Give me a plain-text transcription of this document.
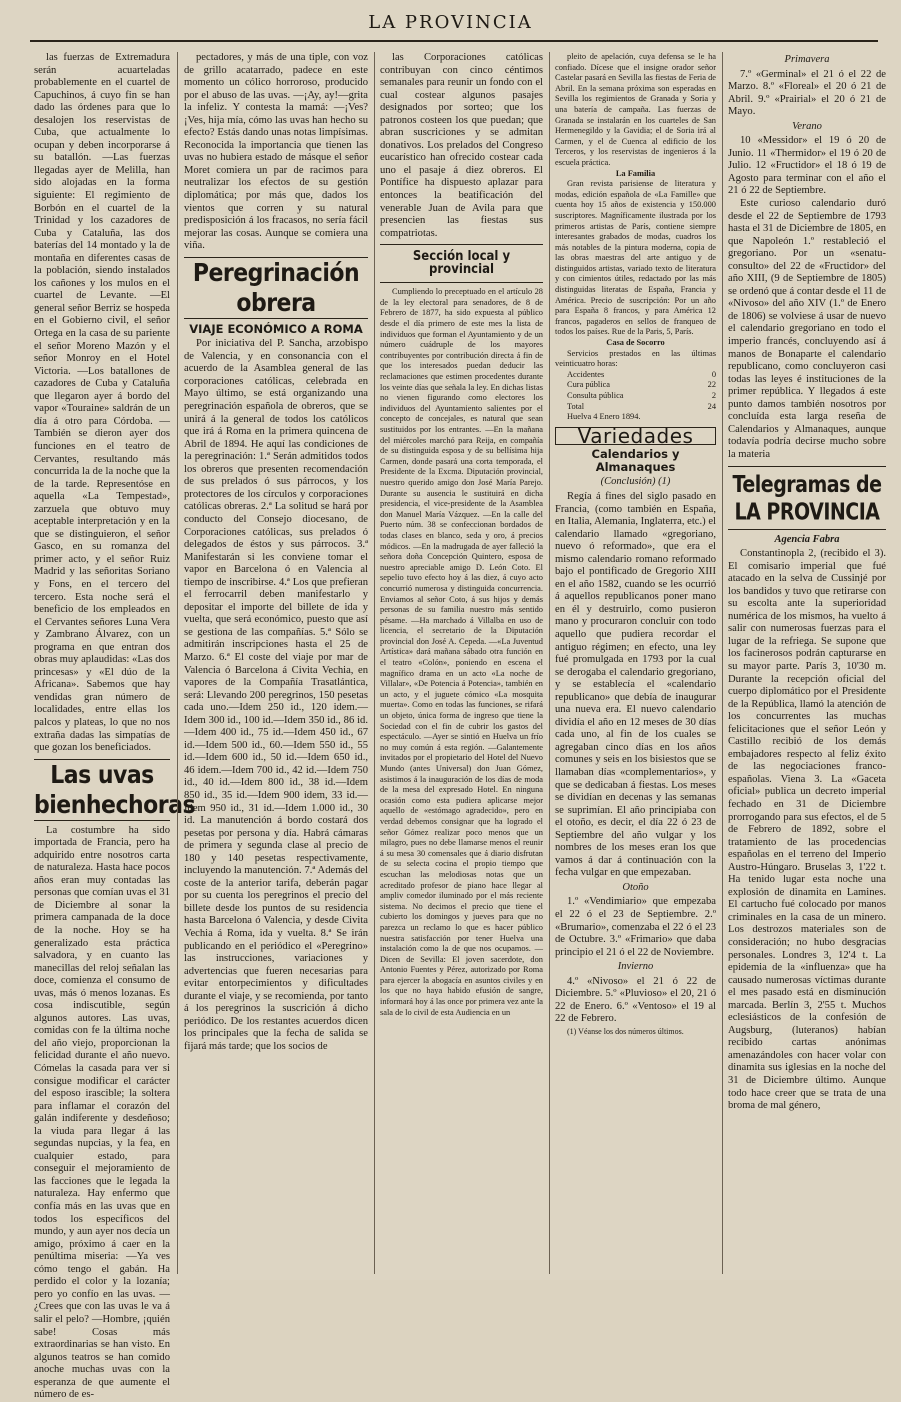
LA PROVINCIA

las fuerzas de Extremadura serán acuarteladas probablemente en el cuartel de Capuchinos, á cuyo fin se han dado las órdenes para que lo desalojen los reservistas de Cuba, que actualmente lo ocupan y deben incorporarse á su batallón. —Las fuerzas llegadas ayer de Melilla, han sido alojadas en la forma siguiente: El regimiento de Borbón en el cuartel de la Trinidad y los cazadores de Cuba y Cataluña, las dos baterías del 14 montado y la de montaña en diferentes casas de la población, siendo instalados los cañones y los mulos en el cuartel de Levante. —El general señor Berriz se hospeda en el Gobierno civil, el señor Ortega en la casa de su pariente el señor Moreno Mazón y el señor Monroy en el Hotel Victoria. —Los batallones de cazadores de Cuba y Cataluña que llegaron ayer á bordo del vapor «Touraine» saldrán de un día á otro para Córdoba. —También se dieron ayer dos funciones en el teatro de Cervantes, resultando más concurrida la de la noche que la de la tarde. Representóse en aquella «La Tempestad», zarzuela que obtuvo muy aceptable interpretación y en la que se distinguieron, el señor Gasco, en su romanza del primer acto, y el señor Ruiz Madrid y las señoritas Soriano y Fons, en el tercero del tercero. Esta noche será el beneficio de los empleados en el Cervantes señores Luna Vera y Zambrano Álvarez, con un programa en que entran dos obras muy aplaudidas: «Las dos princesas» y «El dúo de la Africana». Sabemos que hay vendidas gran número de localidades, entre ellas los palcos y plateas, lo que no nos extraña dadas las simpatías de que gozan los beneficiados.

Las uvas bienhechoras

La costumbre ha sido importada de Francia, pero ha adquirido entre nosotros carta de naturaleza. Hasta hace pocos años eran muy contadas las personas que comían uvas el 31 de Diciembre al sonar la primera campanada de la doce de la noche. Hoy se ha generalizado esta práctica salvadora, y en cuanto las manecillas del reloj señalan las doce, comienza el consumo de uvas, más ó menos lozanas. Es cosa indiscutible, según algunos autores. Las uvas, comidas con fe la última noche del año viejo, proporcionan la felicidad durante el año nuevo. Cómelas la casada para ver si consigue modificar el carácter del esposo irascible; la soltera para inflamar el corazón del galán indiferente y desdeñoso; la viuda para llegar á las segundas nupcias, y la fea, en cualquier estado, para conseguir el mejoramiento de las facciones que le legada la naturaleza. Hay enfermo que confía más en las uvas que en todos los específicos del mundo, y aun ayer nos decía un amigo, próximo á caer en la penúltima miseria: —Ya ves cómo tengo el gabán. Ha perdido el color y la lozanía; pero yo confío en las uvas. —¿Crees que con las uvas le va á salir el pelo? —Hombre, ¡quién sabe! Cosas más extraordinarias se han visto. En algunos teatros se han comido anoche muchas uvas con la esperanza de que aumente el número de es-

pectadores, y más de una tiple, con voz de grillo acatarrado, padece en este momento un cólico horroroso, producido por el abuso de las uvas. —¡Ay, ay!—grita la infeliz. Y contesta la mamá: —¡Ves? ¡Ves, hija mía, cómo las uvas han hecho su efecto? Estás dando unas notas limpísimas. Reconocida la importancia que tienen las uvas no hubiera estado de másque el señor Moret comiera un par de racimos para neutralizar los efectos de su gestión diplomática; por más que, dados los vientos que corren y su natural predisposición á los fracasos, no sería fácil mejorar las cosas. Aunque se comiera una viña.

Peregrinación obrera
VIAJE ECONÓMICO A ROMA

Por iniciativa del P. Sancha, arzobispo de Valencia, y en consonancia con el acuerdo de la Asamblea general de las corporaciones católicas, celebrada en Mayo último, se está organizando una peregrinación española de obreros, que se unirá á la general de todos los católicos que irá á Roma en la primera quincena de Abril de 1894. He aquí las condiciones de la peregrinación: 1.ª Serán admitidos todos los obreros que presenten recomendación de sus prelados ó sus párrocos, y los protectores de los círculos y corporaciones católicas obreras. 2.ª La solitud se hará por conducto del Consejo diocesano, de Corporaciones católicas, sus prelados ó delegados de éstos y sus párrocos. 3.ª Manifestarán si les conviene tomar el vapor en Barcelona ó en Valencia al tiempo de inscribirse. 4.ª Los que prefieran el ferrocarril deben manifestarlo y depositar el importe del billete de ida y vuelta, que será económico, puesto que así se gestiona de las compañías. 5.ª Sólo se admitirán inscripciones hasta el 25 de Marzo. 6.ª El coste del viaje por mar de Valencia ó Barcelona á Civita Vechia, en vapores de la Compañía Trasatlántica, será: Llevando 200 peregrinos, 150 pesetas cada uno.—Idem 250 id., 120 idem.—Idem 300 id., 100 id.—Idem 350 id., 86 id.—Idem 400 id., 75 id.—Idem 450 id., 67 id.—Idem 500 id., 60.—Idem 550 id., 55 id.—Idem 600 id., 50 id.—Idem 650 id., 46 idem.—Idem 700 id., 42 id.—Idem 750 id., 40 id.—Idem 800 id., 38 id.—Idem 850 id., 35 id.—Idem 900 idem, 33 id.—Idem 950 id., 31 id.—Idem 1.000 id., 30 id. La manutención á bordo costará dos pesetas por persona y día. Habrá cámaras de primera y segunda clase al precio de 180 y 140 pesetas respectivamente, incluyendo la manutención. 7.ª Además del coste de la anterior tarifa, deberán pagar por su cuenta los peregrinos el precio del billete desde los puntos de su residencia hasta Barcelona ó Valencia, y desde Civita Vechia á Roma, ida y vuelta. 8.ª Se irán publicando en el periódico el «Peregrino» las instrucciones, variaciones y advertencias que fueren necesarias para evitar entorpecimientos y dificultades durante el viaje, y se recomienda, por tanto á los peregrinos la suscrición á dicho periódico. De los restantes acuerdos dicen los principales que la fecha de salida se fijará más tarde; que los socios de

las Corporaciones católicas contribuyan con cinco céntimos semanales para reunir un fondo con el cual costear algunos pasajes designados por sorteo; que los patronos costeen los que puedan; que abran suscriciones y se admitan donativos. Los prelados del Congreso eucarístico han ofrecido costear cada uno el pasaje á diez obreros. El Pontífice ha dispuesto aplazar para entonces la beatificación del venerable Juan de Avila para que presencien las fiestas sus compatriotas.

Sección local y provincial

Cumpliendo lo preceptuado en el artículo 28 de la ley electoral para senadores, de 8 de Febrero de 1877, ha sido expuesta al público desde el día primero de este mes la lista de individuos que forman el Ayuntamiento y de un número cuádruple de los mayores contribuyentes por contribución directa á fin de que los interesados puedan deducir las reclamaciones que estimen procedentes durante los veinte días que señala la ley. En dichas listas no vienen figurando como electores los individuos del Ayuntamiento salientes por el concepto de concejales, es natural que sean sustituidos por los entrantes. —En la mañana del miércoles marchó para Reija, en compañía de su distinguida esposa y de su bellísima hija Carmen, donde pasará una corta temporada, el Presidente de la Excma. Diputación provincial, nuestro querido amigo don José María Parejo. Durante su ausencia le sustituirá en dicha presidencia, el vice-presidente de la Asamblea don Manuel María Vázquez. —En la calle del Puerto núm. 38 se confeccionan bordados de todas clases en blanco, seda y oro, á precios módicos. —En la madrugada de ayer falleció la señora doña Concepción Quintero, esposa de nuestro apreciable amigo D. León Coto. El sepelio tuvo efecto hoy á las diez, á cuyo acto concurrió numerosa y distinguida concurrencia. Enviamos al señor Coto, á sus hijos y demás personas de su familia nuestro más sentido pésame. —Ha marchado á Villalba en uso de licencia, el secretario de la Diputación provincial don José A. Cepeda. —«La Juventud Artística» dará mañana sábado otra función en el teatro «Colón», poniendo en escena el magnífico drama en un acto «La noche de Villalar», «De Potencia á Potencia», también en un acto, y el juguete cómico «La mosquita muerta». Como en todas las funciones, se rifará un objeto, única forma de ingreso que tiene la Sociedad con el fin de cubrir los gastos del espectáculo. —Ayer se sintió en Huelva un frío no muy común á esta región. —Galantemente invitados por el propietario del Hotel del Nuevo Mundo (antes Universal) don Juan Gómez, asistimos á la inauguración de los días de moda de la mesa del expresado Hotel. En ninguna ocasión como esta pudiera aplicarse mejor aquello de «estómago agradecido», pero en verdad debemos consignar que ha logrado el señor Gómez realizar poco menos que un milagro, pues no debe llamarse menos el reunir á su mesa 30 comensales que á diario disfrutan de su selecta cocina el propio tiempo que escuchan las melodiosas notas que un acreditado profesor de piano hace llegar al ampliv comedor iluminado por el más reciente sistema. No decimos el precio que tiene el cubierto los domingos y jueves para que no parezca un reclamo lo que es hacer público nuestra satisfacción por tener Huelva una instalación como la de que nos ocupamos. —Dicen de Sevilla: El joven sacerdote, don Antonio Fuentes y Pérez, autorizado por Roma para ejercer la abogacía en asuntos civiles y en los que no haya habido efusión de sangre, informará hoy á las once por primera vez ante la sala de lo civil de esta Audiencia en un

pleito de apelación, cuya defensa se le ha confiado. Dícese que el insigne orador señor Castelar pasará en Sevilla las fiestas de Feria de Abril. En la semana próxima son esperadas en Sevilla los regimientos de Granada y Soria y una batería de campaña. Las fuerzas de Granada se instalarán en los cuarteles de San Hermenegildo y la Gavidia; el de Soria irá al Carmen, y el de Cuenca al edificio de los Terceros, y los reservistas de ingenieros á la escuela práctica.

La Familia

Gran revista parisiense de literatura y modas, edición española de «La Famille» que cuenta hoy 15 años de existencia y 150.000 suscriptores. Magníficamente ilustrada por los primeros artistas de París, contiene siempre interesantes grabados de modas, cuadros los más notables de la pintura moderna, copia de las obras maestras del arte antiguo y de distinguidos artistas, variado texto de literatura y con cimientos útiles, redactado por las más distinguidas literatas de España, Francia y América. Precio de suscripción: Por un año para España 8 francos, y para América 12 francos, pagaderos en sellos de franqueo de todos los países. Rue de la Paris, 5, París.

Casa de Socorro

Servicios prestados en las últimas veinticuatro horas:

Accidentes	0

Cura pública	22

Consulta pública	2

Total	24

Huelva 4 Enero 1894.

Variedades
Calendarios y Almanaques
(Conclusión) (1)

Regía á fines del siglo pasado en Francia, (como también en España, en Italia, Alemania, Inglaterra, etc.) el calendario llamado «gregoriano, nuevo ó reformado», que era el mismo calendario romano reformado bajo el pontificado de Gregorio XIII en el año 1582, cuando se les ocurrió á aquellos republicanos poner mano en él y destruirlo, como pusieron mano y procuraron concluir con todo aquello que pudiera recordar el antiguo régimen; en efecto, una ley fué promulgada en 1793 por la cual se derogaba el calendario gregoriano, y se establecía el «calendario republicano» que debía de inaugurar una nueva era. El nuevo calendario dividía el año en 12 meses de 30 días cada uno, al fin de los cuales se agregaban cinco días en los años comunes y seis en los bisiestos que se llamaban días «complementarios», y que se dedicaban á fiestas. Los meses se dividían en decenas y las semanas se suprimían. El año principiaba con el otoño, es decir, el día 22 ó 23 de Septiembre del año vulgar y los nombres de los meses eran los que vamos á dar á continuación con la fecha vulgar en que empezaban.

Otoño

1.º «Vendimiario» que empezaba el 22 ó el 23 de Septiembre. 2.º «Brumario», comenzaba el 22 ó el 23 de Octubre. 3.º «Frimario» que daba principio el 21 ó el 22 de Noviembre.

Invierno

4.º «Nivoso» el 21 ó 22 de Diciembre. 5.º «Pluvioso» el 20, 21 ó 22 de Enero. 6.º «Ventoso» el 19 al 22 de Febrero.

(1) Véanse los dos números últimos.

Primavera

7.º «Germinal» el 21 ó el 22 de Marzo. 8.º «Floreal» el 20 ó 21 de Abril. 9.º «Prairial» el 20 ó 21 de Mayo.

Verano

10 «Messidor» el 19 ó 20 de Junio. 11 «Thermidor» el 19 ó 20 de Julio. 12 «Fructidor» el 18 ó 19 de Agosto para terminar con el año el 21 ó 22 de Septiembre.

Este curioso calendario duró desde el 22 de Septiembre de 1793 hasta el 31 de Diciembre de 1805, en que Napoleón 1.º restableció el gregoriano. Por un «senatu-consulto» del 22 de «Fructidor» del año XIII, (9 de Septiembre de 1805) se ordenó que á contar desde el 11 de «Nivoso» del año XIV (1.º de Enero de 1806) se volviese á usar de nuevo el calendario gregoriano en todo el imperio francés, concluyendo así á manos de Bonaparte el calendario republicano, como concluyeron casi todas las leyes é instituciones de la primer república. Y llegados á este punto damos también nosotros por concluída esta larga reseña de Calendarios y Almanaques, aunque todavía podría decirse mucho sobre la materia

Telegramas de LA PROVINCIA
Agencia Fabra

Constantinopla 2, (recibido el 3). El comisario imperial que fué atacado en la selva de Cussinjé por los bandidos y tuvo que retirarse con su escolta ante la superioridad numérica de los mismos, ha vuelto á salir con numerosas fuerzas para el lugar de la refriega. Se supone que los facinerosos podrán capturarse en su mayor parte. París 3, 10'30 m. Durante la recepción oficial del cuerpo diplomático por el Presidente de la República, llamó la atención de los concurrentes las muchas felicitaciones que el señor León y Castillo recibió de los demás embajadores respecto al feliz éxito de las negociaciones franco-españolas. Viena 3. La «Gaceta oficial» publica un decreto imperial fechado en 31 de Diciembre prorrogando para sus efectos, el de 5 de Febrero de 1892, sobre el tratamiento de las procedencias españolas en el terreno del Imperio Austro-Húngaro. Bruselas 3, 1'22 t. Ha tenido lugar esta noche una explosión de dinamita en Lamines. El cartucho fué colocado por manos criminales en la casa de un minero. Los destrozos materiales son de consideración; no hubo desgracias personales. Londres 3, 12'4 t. La epidemia de la «influenza» que ha causado numerosas víctimas durante el mes pasado está en disminución marcada. Berlín 3, 2'55 t. Muchos eclesiásticos de la confesión de Augsburg, (luteranos) habían recibido cartas anónimas amenazándoles con hacer volar con dinamita sus iglesias en la noche del 31 de Diciembre último. Aunque todo hace creer que se trata de una broma de mal género,
